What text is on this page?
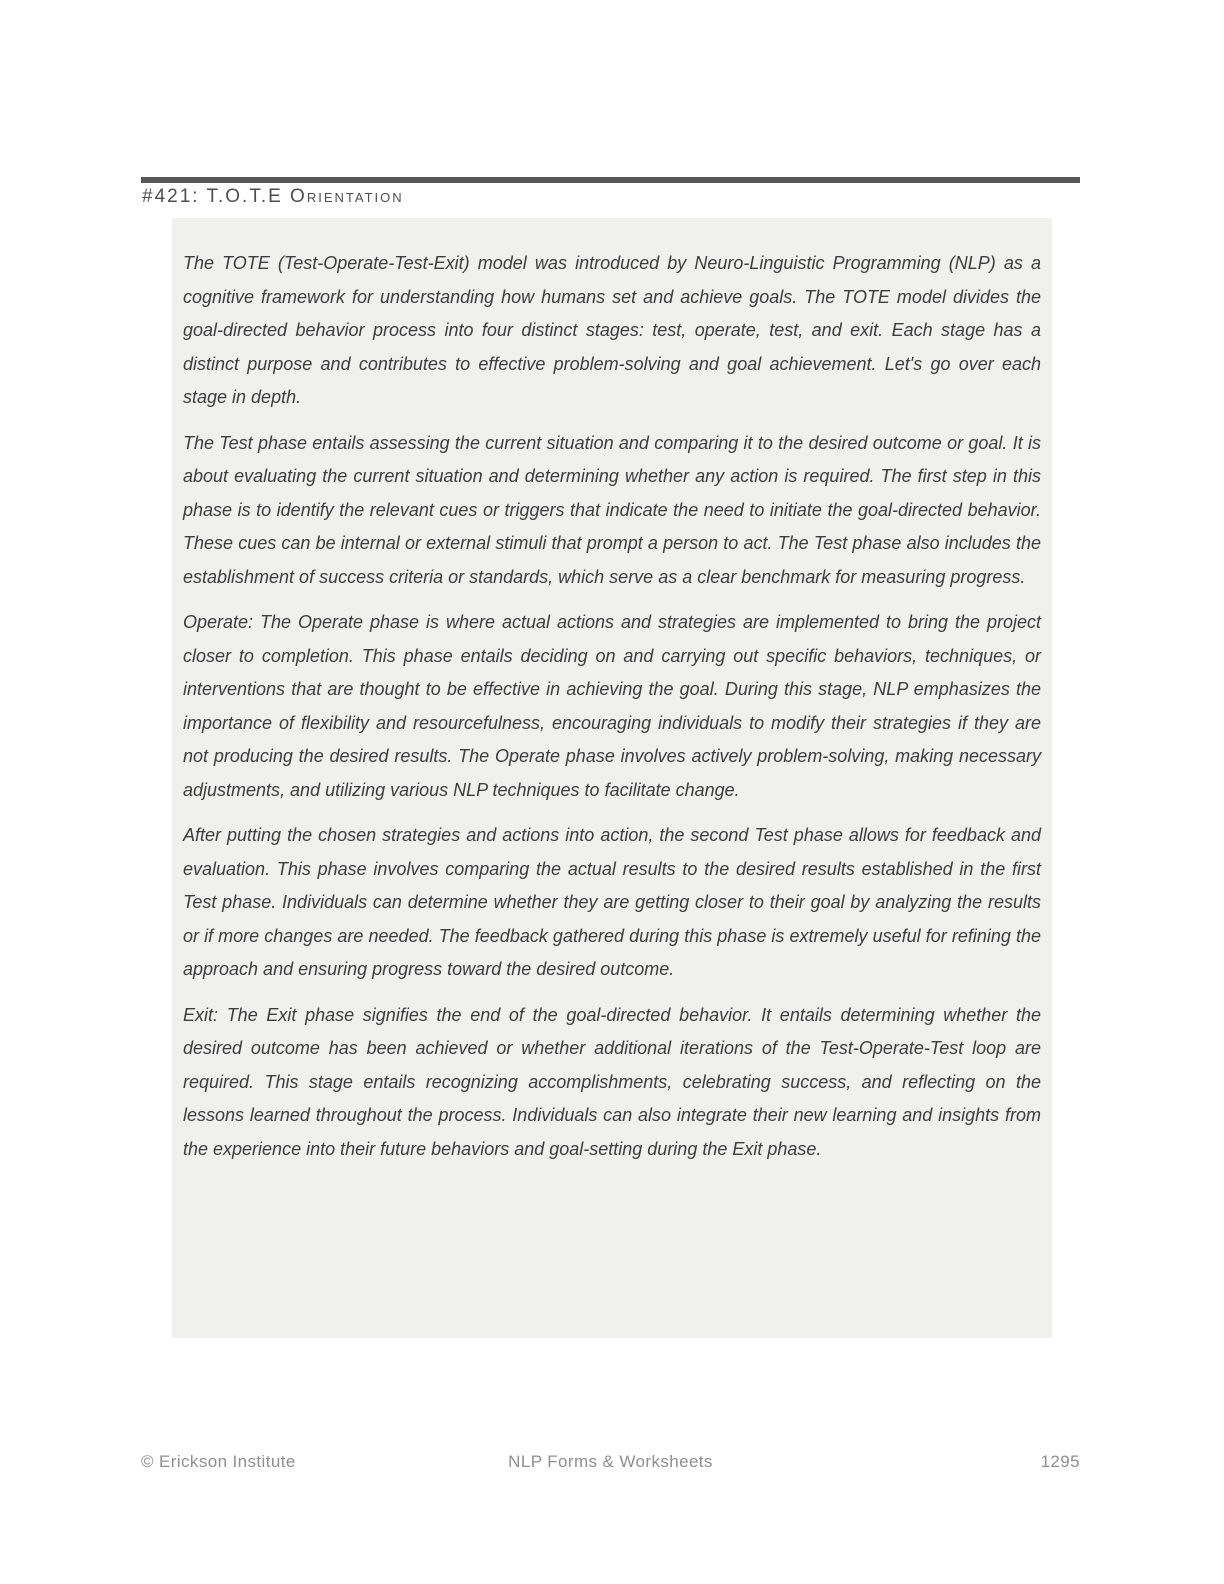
#421: T.O.T.E Orientation

The TOTE (Test-Operate-Test-Exit) model was introduced by Neuro-Linguistic Programming (NLP) as a cognitive framework for understanding how humans set and achieve goals. The TOTE model divides the goal-directed behavior process into four distinct stages: test, operate, test, and exit. Each stage has a distinct purpose and contributes to effective problem-solving and goal achievement. Let's go over each stage in depth.

The Test phase entails assessing the current situation and comparing it to the desired outcome or goal. It is about evaluating the current situation and determining whether any action is required. The first step in this phase is to identify the relevant cues or triggers that indicate the need to initiate the goal-directed behavior. These cues can be internal or external stimuli that prompt a person to act. The Test phase also includes the establishment of success criteria or standards, which serve as a clear benchmark for measuring progress.

Operate: The Operate phase is where actual actions and strategies are implemented to bring the project closer to completion. This phase entails deciding on and carrying out specific behaviors, techniques, or interventions that are thought to be effective in achieving the goal. During this stage, NLP emphasizes the importance of flexibility and resourcefulness, encouraging individuals to modify their strategies if they are not producing the desired results. The Operate phase involves actively problem-solving, making necessary adjustments, and utilizing various NLP techniques to facilitate change.

After putting the chosen strategies and actions into action, the second Test phase allows for feedback and evaluation. This phase involves comparing the actual results to the desired results established in the first Test phase. Individuals can determine whether they are getting closer to their goal by analyzing the results or if more changes are needed. The feedback gathered during this phase is extremely useful for refining the approach and ensuring progress toward the desired outcome.

Exit: The Exit phase signifies the end of the goal-directed behavior. It entails determining whether the desired outcome has been achieved or whether additional iterations of the Test-Operate-Test loop are required. This stage entails recognizing accomplishments, celebrating success, and reflecting on the lessons learned throughout the process. Individuals can also integrate their new learning and insights from the experience into their future behaviors and goal-setting during the Exit phase.

© Erickson Institute	NLP Forms & Worksheets	1295
